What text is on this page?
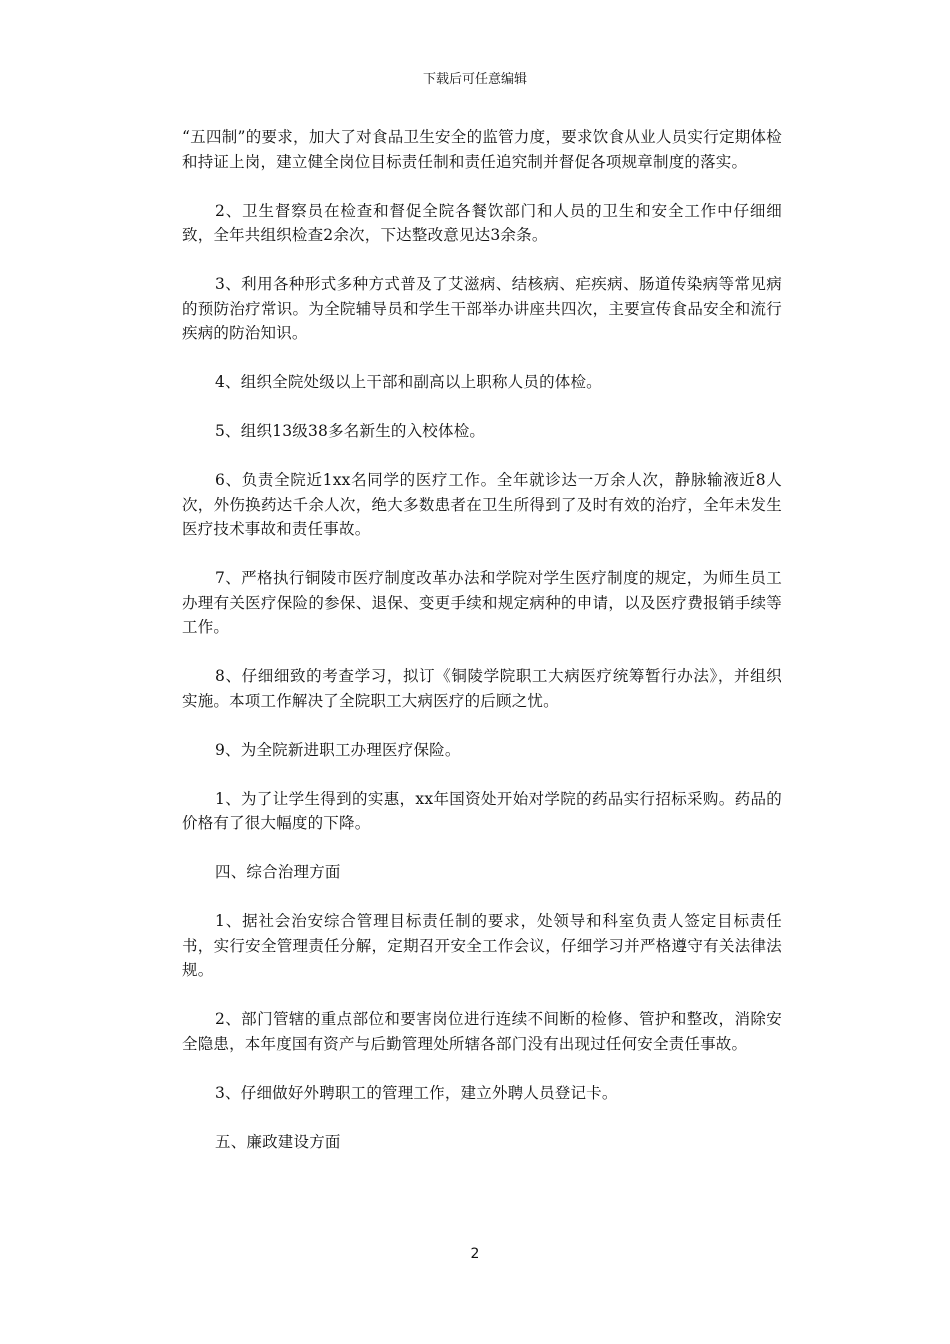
下载后可任意编辑

“五四制”的要求，加大了对食品卫生安全的监管力度，要求饮食从业人员实行定期体检和持证上岗，建立健全岗位目标责任制和责任追究制并督促各项规章制度的落实。

2、卫生督察员在检查和督促全院各餐饮部门和人员的卫生和安全工作中仔细细致，全年共组织检查2余次，下达整改意见达3余条。

3、利用各种形式多种方式普及了艾滋病、结核病、疟疾病、肠道传染病等常见病的预防治疗常识。为全院辅导员和学生干部举办讲座共四次，主要宣传食品安全和流行疾病的防治知识。

4、组织全院处级以上干部和副高以上职称人员的体检。

5、组织13级38多名新生的入校体检。

6、负责全院近1xx名同学的医疗工作。全年就诊达一万余人次，静脉输液近8人次，外伤换药达千余人次，绝大多数患者在卫生所得到了及时有效的治疗，全年未发生医疗技术事故和责任事故。

7、严格执行铜陵市医疗制度改革办法和学院对学生医疗制度的规定，为师生员工办理有关医疗保险的参保、退保、变更手续和规定病种的申请，以及医疗费报销手续等工作。

8、仔细细致的考查学习，拟订《铜陵学院职工大病医疗统筹暂行办法》，并组织实施。本项工作解决了全院职工大病医疗的后顾之忧。

9、为全院新进职工办理医疗保险。

1、为了让学生得到的实惠，xx年国资处开始对学院的药品实行招标采购。药品的价格有了很大幅度的下降。

四、综合治理方面

1、据社会治安综合管理目标责任制的要求，处领导和科室负责人签定目标责任书，实行安全管理责任分解，定期召开安全工作会议，仔细学习并严格遵守有关法律法规。

2、部门管辖的重点部位和要害岗位进行连续不间断的检修、管护和整改，消除安全隐患，本年度国有资产与后勤管理处所辖各部门没有出现过任何安全责任事故。

3、仔细做好外聘职工的管理工作，建立外聘人员登记卡。

五、廉政建设方面

2
